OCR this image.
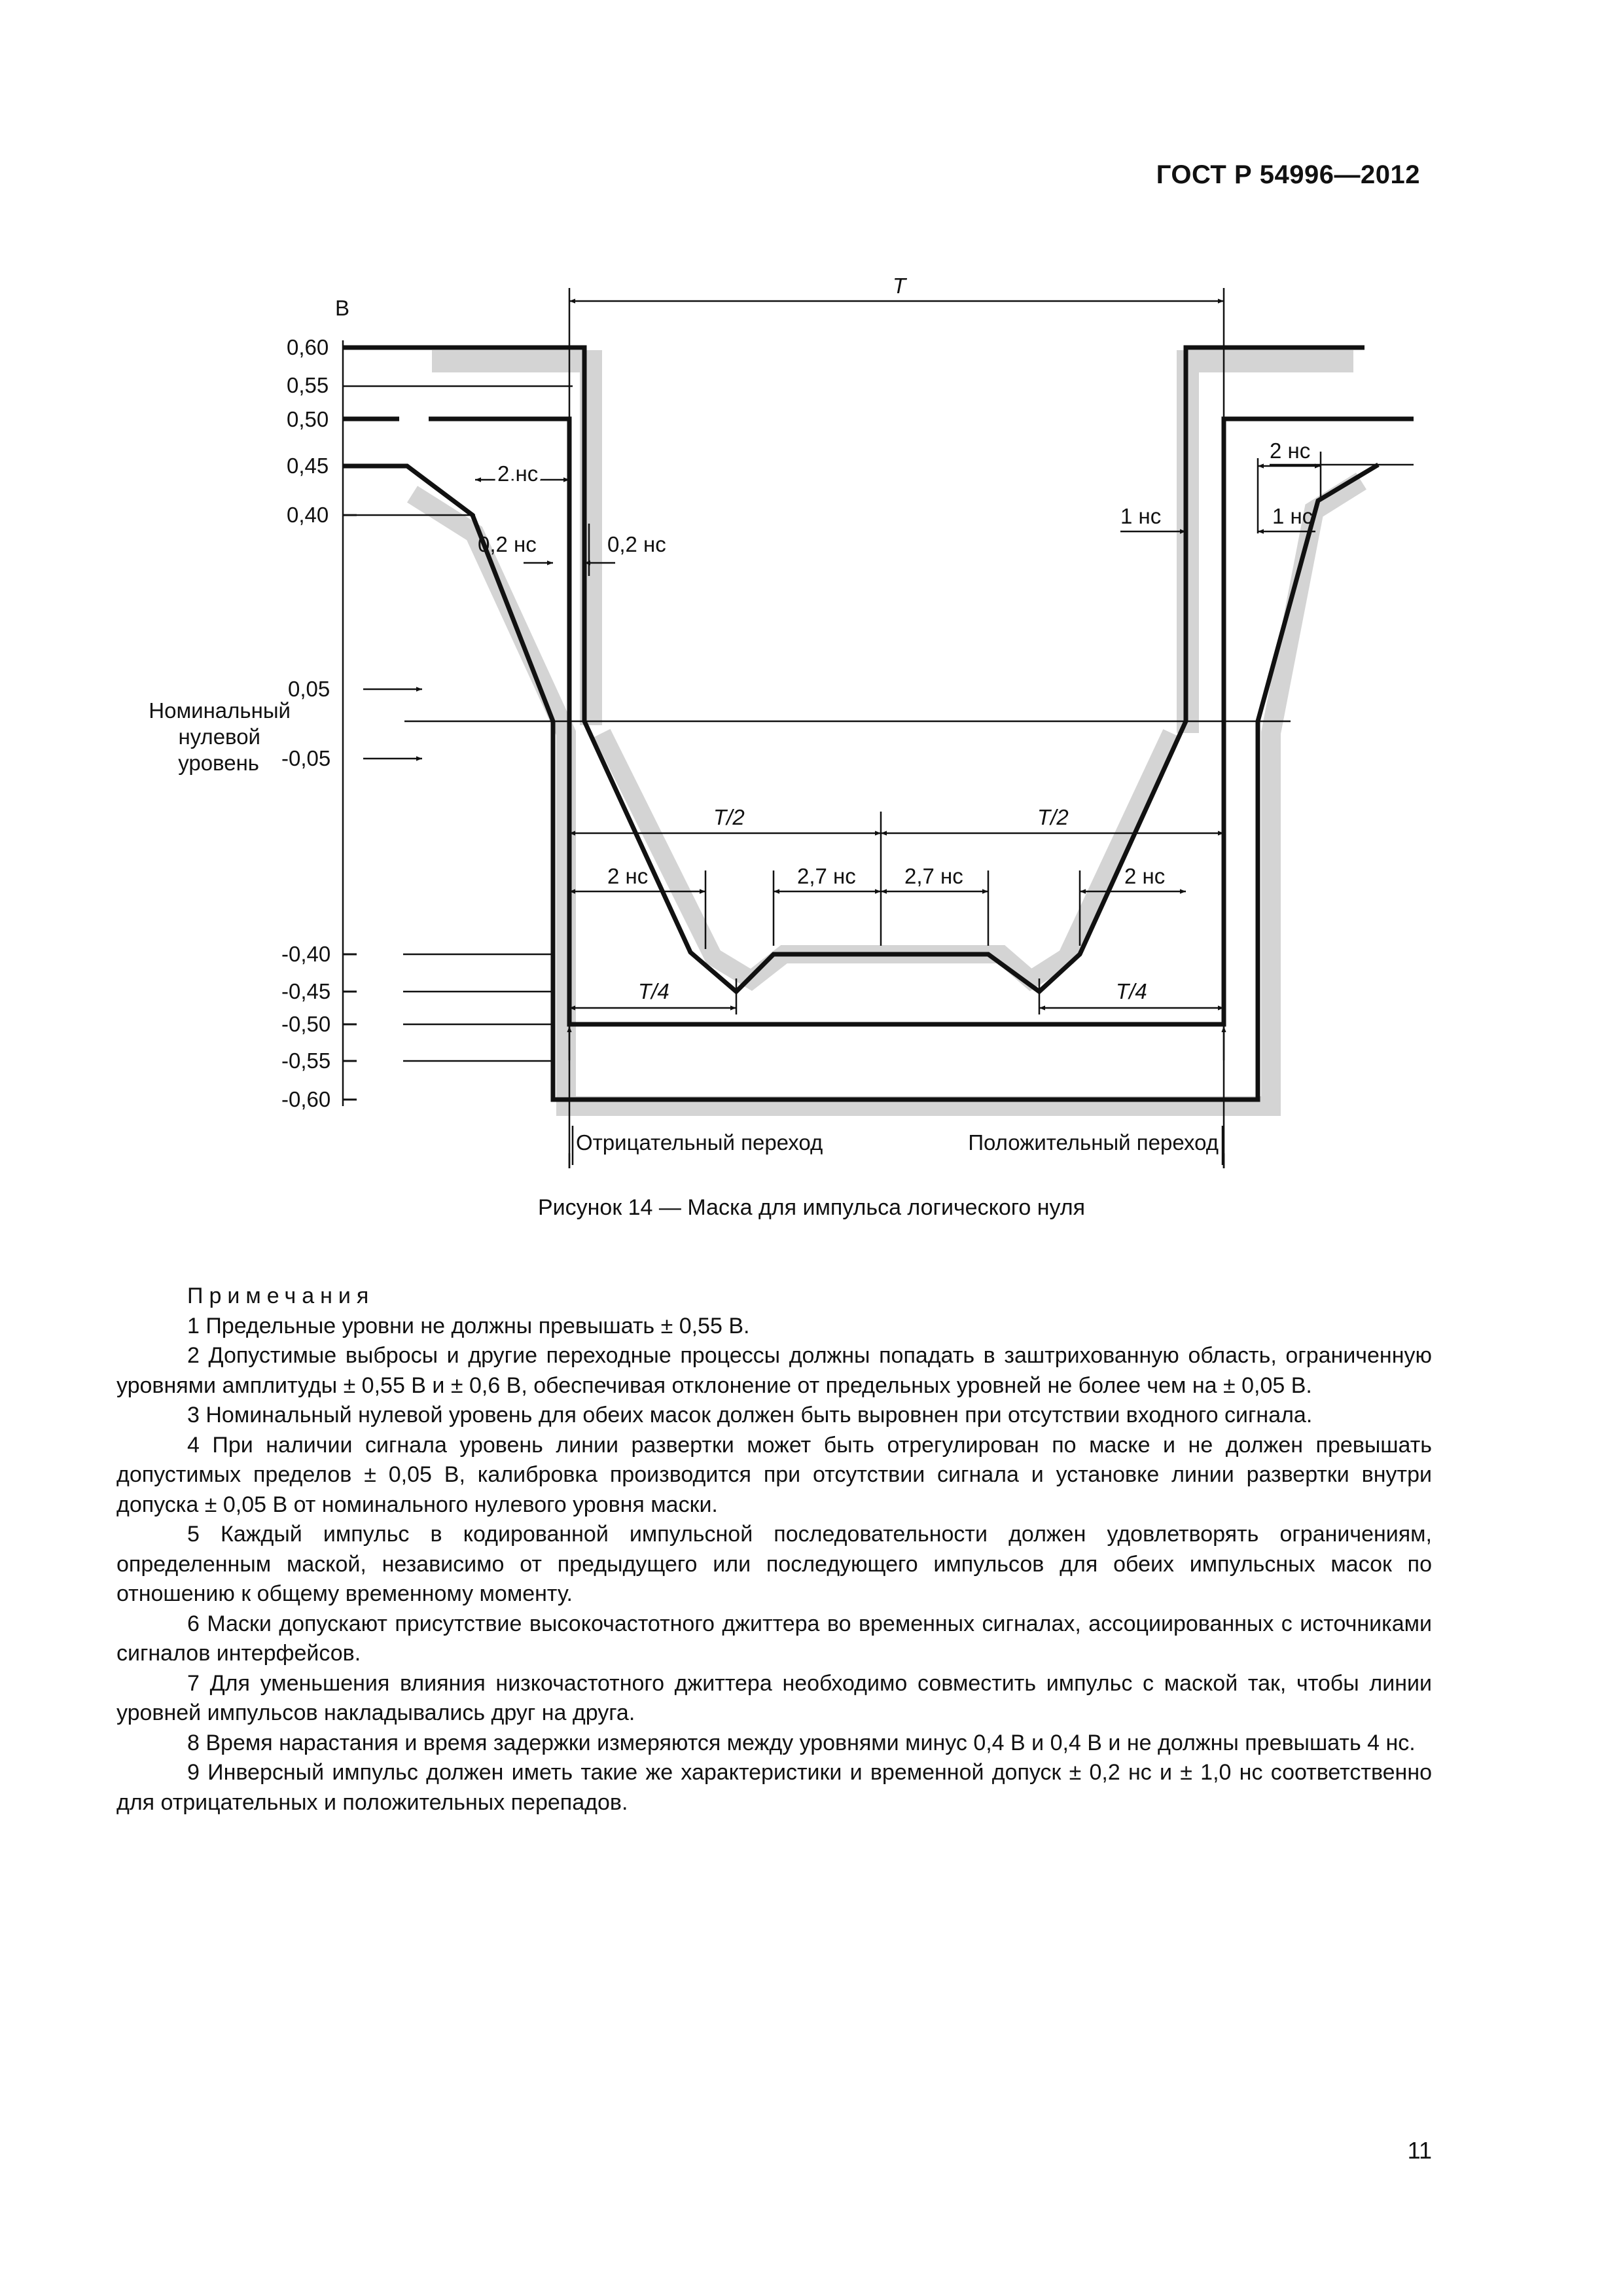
ГОСТ Р 54996—2012
В
0,60
0,55
0,50
0,45
0,40
0,05
-0,05
-0,40
-0,45
-0,50
-0,55
-0,60
Номинальный
нулевой
уровень
T
2 нс
0,2 нс	0,2 нс
2 нс
1 нс	1 нс
T/2	T/2
2 нс	2,7 нс 2,7 нс	2 нс
T/4	T/4
Отрицательный переход	Положительный переход
Рисунок 14 — Маска для импульса логического нуля

Примечания

1 Предельные уровни не должны превышать ± 0,55 В.

2 Допустимые выбросы и другие переходные процессы должны попадать в заштрихованную область, ограниченную уровнями амплитуды ± 0,55 В и ± 0,6 В, обеспечивая отклонение от предельных уровней не более чем на ± 0,05 В.

3 Номинальный нулевой уровень для обеих масок должен быть выровнен при отсутствии входного сигнала.

4 При наличии сигнала уровень линии развертки может быть отрегулирован по маске и не должен превышать допустимых пределов ± 0,05 В, калибровка производится при отсутствии сигнала и установке линии развертки внутри допуска ± 0,05 В от номинального нулевого уровня маски.

5 Каждый импульс в кодированной импульсной последовательности должен удовлетворять ограничениям, определенным маской, независимо от предыдущего или последующего импульсов для обеих импульсных масок по отношению к общему временному моменту.

6 Маски допускают присутствие высокочастотного джиттера во временных сигналах, ассоциированных с источниками сигналов интерфейсов.

7 Для уменьшения влияния низкочастотного джиттера необходимо совместить импульс с маской так, чтобы линии уровней импульсов накладывались друг на друга.

8 Время нарастания и время задержки измеряются между уровнями минус 0,4 В и 0,4 В и не должны превышать 4 нс.

9 Инверсный импульс должен иметь такие же характеристики и временной допуск ± 0,2 нс и ± 1,0 нс соответственно для отрицательных и положительных перепадов.

11
